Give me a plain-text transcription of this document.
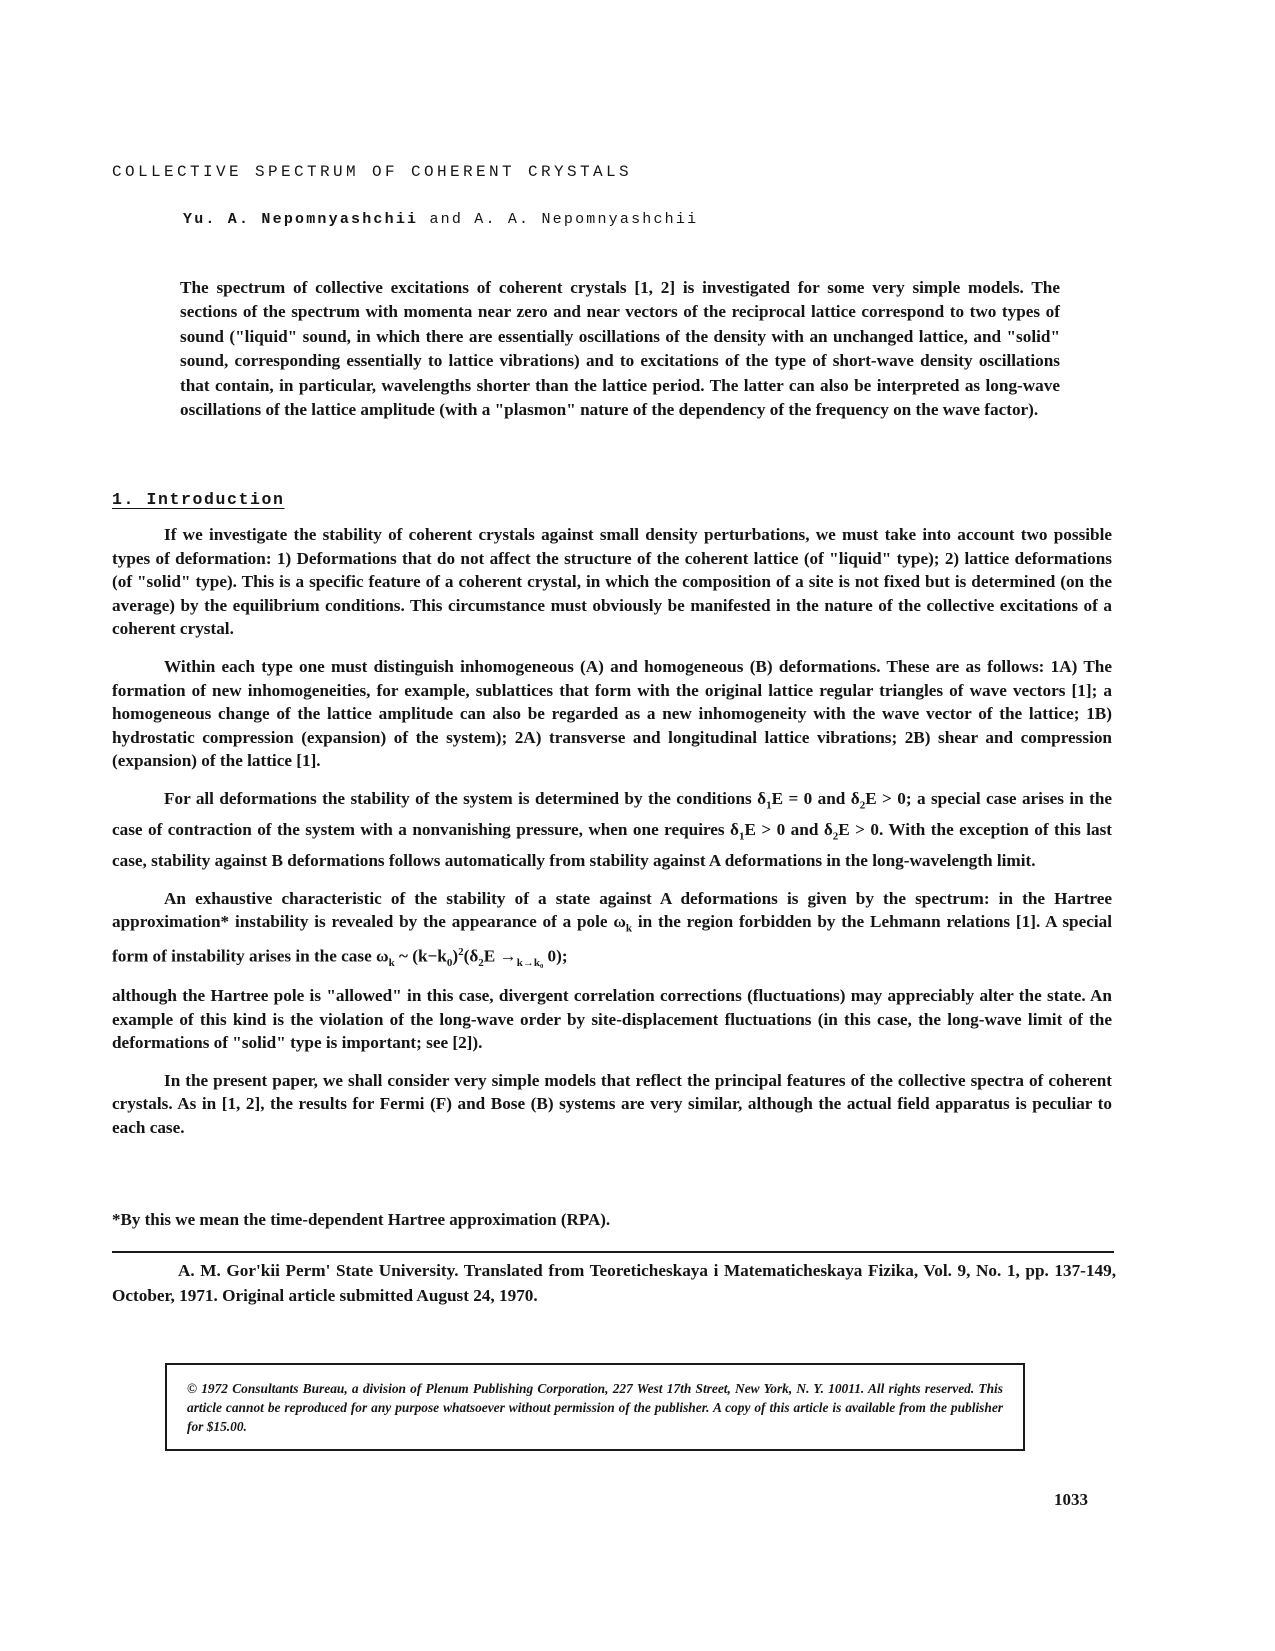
COLLECTIVE SPECTRUM OF COHERENT CRYSTALS
Yu. A. Nepomnyashchii and A. A. Nepomnyashchii

The spectrum of collective excitations of coherent crystals [1, 2] is investigated for some very simple models. The sections of the spectrum with momenta near zero and near vectors of the reciprocal lattice correspond to two types of sound ("liquid" sound, in which there are essentially oscillations of the density with an unchanged lattice, and "solid" sound, corresponding essentially to lattice vibrations) and to excitations of the type of short-wave density oscillations that contain, in particular, wavelengths shorter than the lattice period. The latter can also be interpreted as long-wave oscillations of the lattice amplitude (with a "plasmon" nature of the dependency of the frequency on the wave factor).

1. Introduction

If we investigate the stability of coherent crystals against small density perturbations, we must take into account two possible types of deformation: 1) Deformations that do not affect the structure of the coherent lattice (of "liquid" type); 2) lattice deformations (of "solid" type). This is a specific feature of a coherent crystal, in which the composition of a site is not fixed but is determined (on the average) by the equilibrium conditions. This circumstance must obviously be manifested in the nature of the collective excitations of a coherent crystal.

Within each type one must distinguish inhomogeneous (A) and homogeneous (B) deformations. These are as follows: 1A) The formation of new inhomogeneities, for example, sublattices that form with the original lattice regular triangles of wave vectors [1]; a homogeneous change of the lattice amplitude can also be regarded as a new inhomogeneity with the wave vector of the lattice; 1B) hydrostatic compression (expansion) of the system); 2A) transverse and longitudinal lattice vibrations; 2B) shear and compression (expansion) of the lattice [1].

For all deformations the stability of the system is determined by the conditions $\delta_1E = 0$ and $\delta_2E > 0$; a special case arises in the case of contraction of the system with a nonvanishing pressure, when one requires $\delta_1E > 0$ and $\delta_2E > 0$. With the exception of this last case, stability against B deformations follows automatically from stability against A deformations in the long-wavelength limit.

An exhaustive characteristic of the stability of a state against A deformations is given by the spectrum: in the Hartree approximation* instability is revealed by the appearance of a pole $\omega_k$ in the region forbidden by the Lehmann relations [1]. A special form of instability arises in the case $\omega_k$ ~ $(k-k_0)^2(\delta_2E \to_{k\to k_0}$ 0);

although the Hartree pole is "allowed" in this case, divergent correlation corrections (fluctuations) may appreciably alter the state. An example of this kind is the violation of the long-wave order by site-displacement fluctuations (in this case, the long-wave limit of the deformations of "solid" type is important; see [2]).

In the present paper, we shall consider very simple models that reflect the principal features of the collective spectra of coherent crystals. As in [1, 2], the results for Fermi (F) and Bose (B) systems are very similar, although the actual field apparatus is peculiar to each case.

*By this we mean the time-dependent Hartree approximation (RPA).

A. M. Gor'kii Perm' State University. Translated from Teoreticheskaya i Matematicheskaya Fizika, Vol. 9, No. 1, pp. 137-149, October, 1971. Original article submitted August 24, 1970.

© 1972 Consultants Bureau, a division of Plenum Publishing Corporation, 227 West 17th Street, New York, N. Y. 10011. All rights reserved. This article cannot be reproduced for any purpose whatsoever without permission of the publisher. A copy of this article is available from the publisher for $15.00.

1033
